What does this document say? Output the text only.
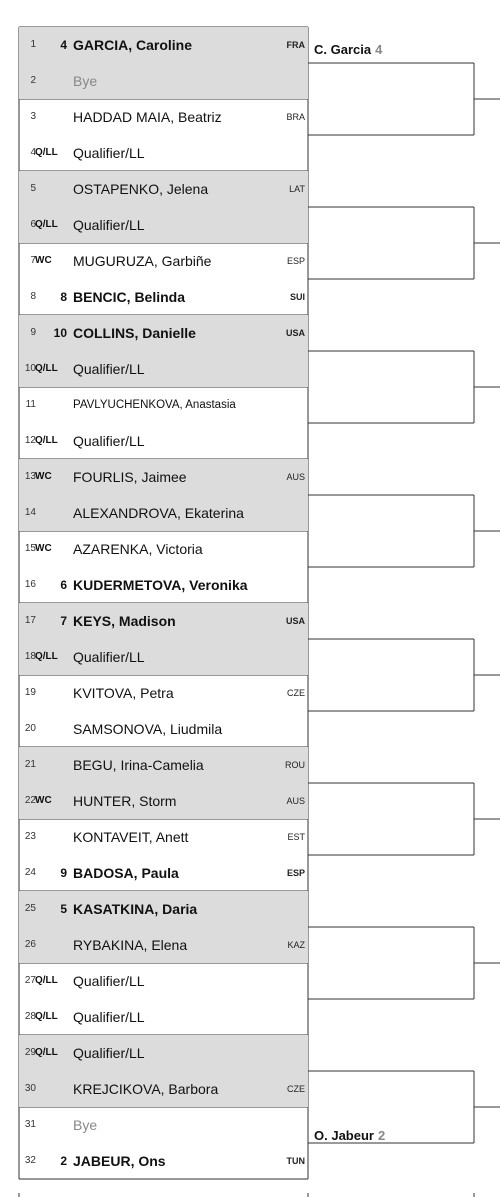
1 4 GARCIA, Caroline	FRA
2	Bye
3	HADDAD MAIA, Beatriz	BRA
4 Q/LL Qualifier/LL
5	OSTAPENKO, Jelena	LAT
6 Q/LL Qualifier/LL
7 WC MUGURUZA, Garbiñe	ESP
8 8 BENCIC, Belinda	SUI
9 10 COLLINS, Danielle	USA
10 Q/LL Qualifier/LL
11	PAVLYUCHENKOVA, Anastasia
12 Q/LL Qualifier/LL
13 WC FOURLIS, Jaimee	AUS
14	ALEXANDROVA, Ekaterina
15 WC AZARENKA, Victoria
16 6 KUDERMETOVA, Veronika
17 7 KEYS, Madison	USA
18 Q/LL Qualifier/LL
19	KVITOVA, Petra	CZE
20	SAMSONOVA, Liudmila
21	BEGU, Irina-Camelia	ROU
22 WC HUNTER, Storm	AUS
23	KONTAVEIT, Anett	EST
24 9 BADOSA, Paula	ESP
25 5 KASATKINA, Daria
26	RYBAKINA, Elena	KAZ
27 Q/LL Qualifier/LL
28 Q/LL Qualifier/LL
29 Q/LL Qualifier/LL
30	KREJCIKOVA, Barbora	CZE
31	Bye
32 2 JABEUR, Ons	TUN
C. Garcia 4
O. Jabeur 2
